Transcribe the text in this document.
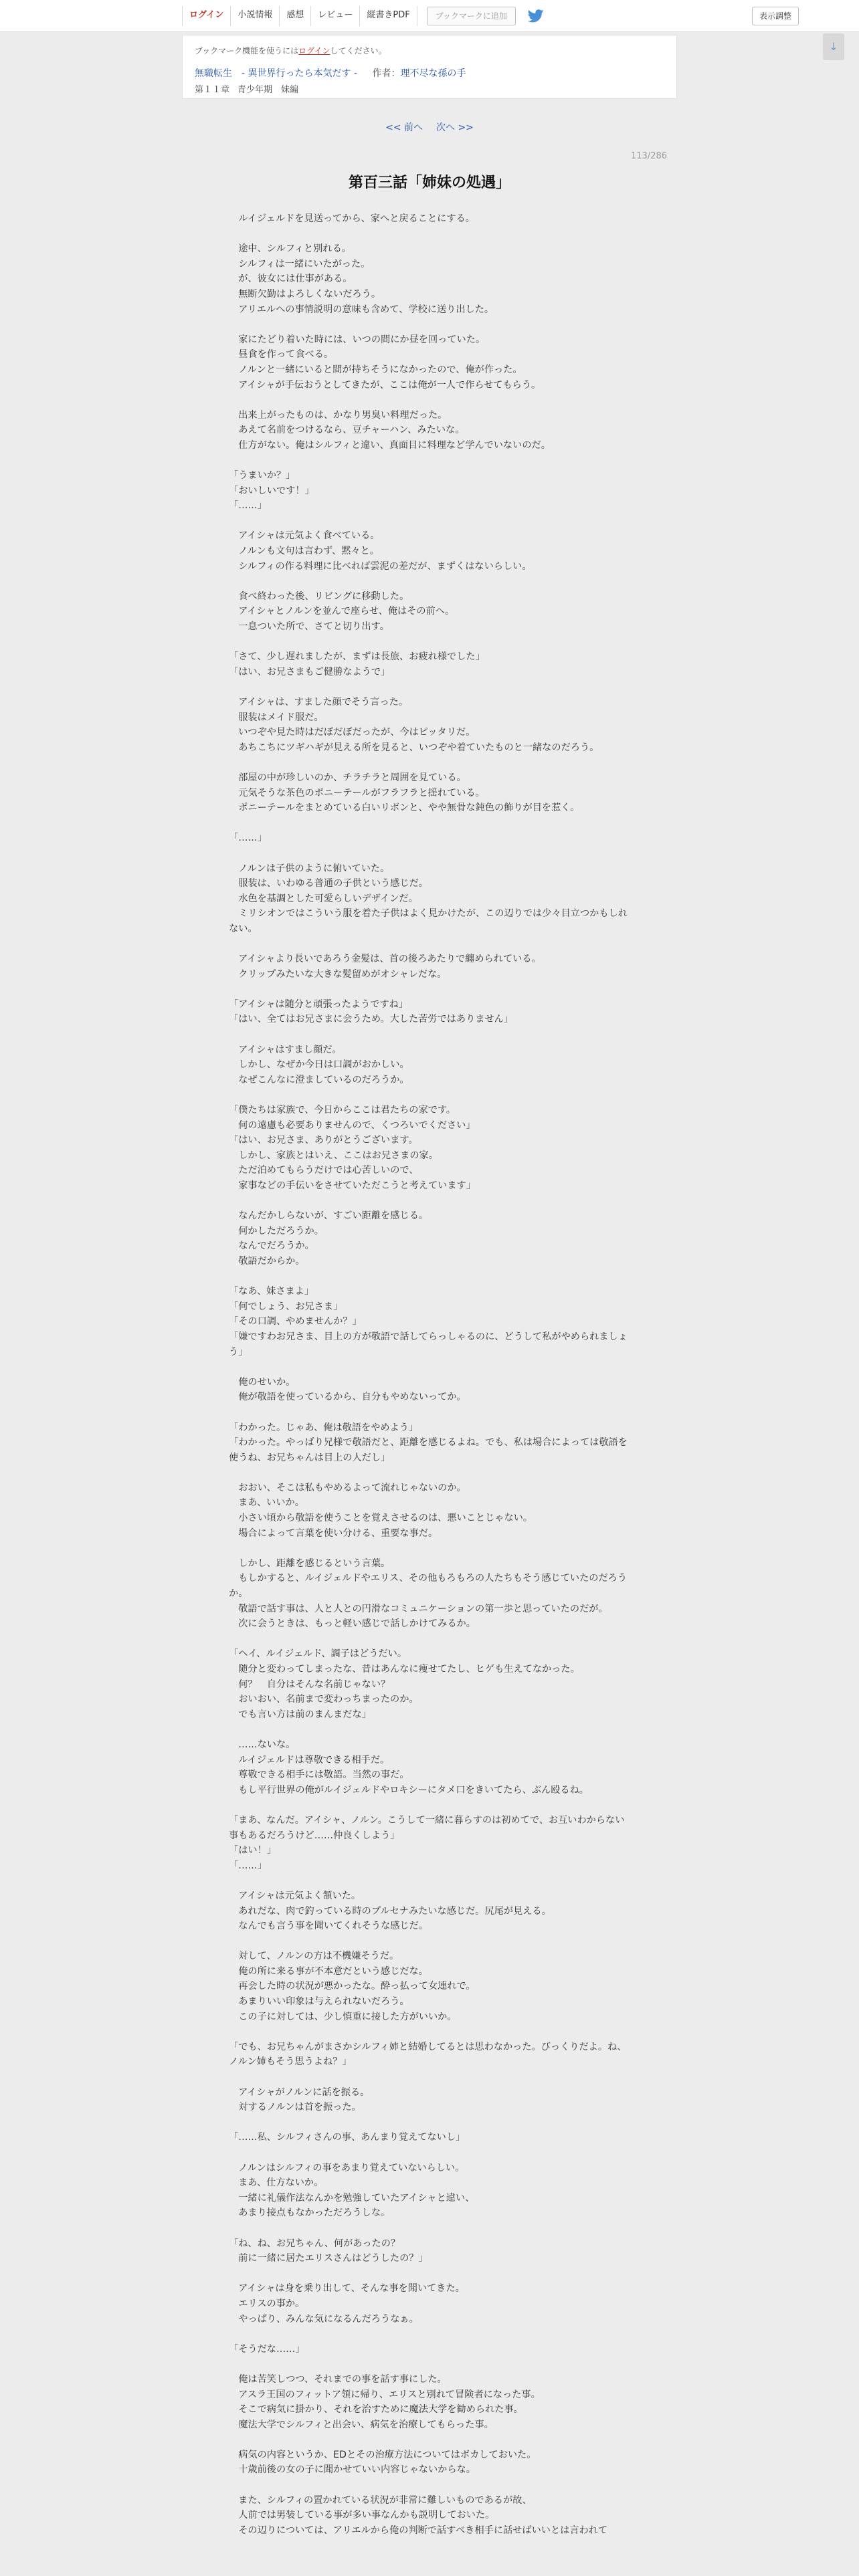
ログイン	小説情報	感想	レビュー	縦書きPDF	ブックマークに追加	表示調整
ブックマーク機能を使うにはログインしてください。
無職転生　- 異世界行ったら本気だす - 作者：理不尽な孫の手
第１１章 青少年期　妹編
↓
<< 前へ 次へ >>
113/286
第百三話「姉妹の処遇」

　ルイジェルドを見送ってから、家へと戻ることにする。

　途中、シルフィと別れる。

　シルフィは一緒にいたがった。

　が、彼女には仕事がある。

　無断欠勤はよろしくないだろう。

　アリエルへの事情説明の意味も含めて、学校に送り出した。

　家にたどり着いた時には、いつの間にか昼を回っていた。

　昼食を作って食べる。

　ノルンと一緒にいると間が持ちそうになかったので、俺が作った。

　アイシャが手伝おうとしてきたが、ここは俺が一人で作らせてもらう。

　出来上がったものは、かなり男臭い料理だった。

　あえて名前をつけるなら、豆チャーハン、みたいな。

　仕方がない。俺はシルフィと違い、真面目に料理など学んでいないのだ。

「うまいか？」

「おいしいです！」

「……」

　アイシャは元気よく食べている。

　ノルンも文句は言わず、黙々と。

　シルフィの作る料理に比べれば雲泥の差だが、まずくはないらしい。

　食べ終わった後、リビングに移動した。

　アイシャとノルンを並んで座らせ、俺はその前へ。

　一息ついた所で、さてと切り出す。

「さて、少し遅れましたが、まずは長旅、お疲れ様でした」

「はい、お兄さまもご健勝なようで」

　アイシャは、すました顔でそう言った。

　服装はメイド服だ。

　いつぞや見た時はだぼだぼだったが、今はピッタリだ。

　あちこちにツギハギが見える所を見ると、いつぞや着ていたものと一緒なのだろう。

　部屋の中が珍しいのか、チラチラと周囲を見ている。

　元気そうな茶色のポニーテールがフラフラと揺れている。

　ポニーテールをまとめている白いリボンと、やや無骨な鈍色の飾りが目を惹く。

「……」

　ノルンは子供のように俯いていた。

　服装は、いわゆる普通の子供という感じだ。

　水色を基調とした可愛らしいデザインだ。

　ミリシオンではこういう服を着た子供はよく見かけたが、この辺りでは少々目立つかもしれない。

　アイシャより長いであろう金髪は、首の後ろあたりで纏められている。

　クリップみたいな大きな髪留めがオシャレだな。

「アイシャは随分と頑張ったようですね」

「はい、全てはお兄さまに会うため。大した苦労ではありません」

　アイシャはすまし顔だ。

　しかし、なぜか今日は口調がおかしい。

　なぜこんなに澄ましているのだろうか。

「僕たちは家族で、今日からここは君たちの家です。

　何の遠慮も必要ありませんので、くつろいでください」

「はい、お兄さま、ありがとうございます。

　しかし、家族とはいえ、ここはお兄さまの家。

　ただ泊めてもらうだけでは心苦しいので、

　家事などの手伝いをさせていただこうと考えています」

　なんだかしらないが、すごい距離を感じる。

　何かしただろうか。

　なんでだろうか。

　敬語だからか。

「なあ、妹さまよ」

「何でしょう、お兄さま」

「その口調、やめませんか？」

「嫌ですわお兄さま、目上の方が敬語で話してらっしゃるのに、どうして私がやめられましょう」

　俺のせいか。

　俺が敬語を使っているから、自分もやめないってか。

「わかった。じゃあ、俺は敬語をやめよう」

「わかった。やっぱり兄様で敬語だと、距離を感じるよね。でも、私は場合によっては敬語を使うね、お兄ちゃんは目上の人だし」

　おおい、そこは私もやめるよって流れじゃないのか。

　まあ、いいか。

　小さい頃から敬語を使うことを覚えさせるのは、悪いことじゃない。

　場合によって言葉を使い分ける、重要な事だ。

　しかし、距離を感じるという言葉。

　もしかすると、ルイジェルドやエリス、その他もろもろの人たちもそう感じていたのだろうか。

　敬語で話す事は、人と人との円滑なコミュニケーションの第一歩と思っていたのだが。

　次に会うときは、もっと軽い感じで話しかけてみるか。

「ヘイ、ルイジェルド、調子はどうだい。

　随分と変わってしまったな、昔はあんなに痩せてたし、ヒゲも生えてなかった。

　何？　自分はそんな名前じゃない？

　おいおい、名前まで変わっちまったのか。

　でも言い方は前のまんまだな」

　……ないな。

　ルイジェルドは尊敬できる相手だ。

　尊敬できる相手には敬語。当然の事だ。

　もし平行世界の俺がルイジェルドやロキシーにタメ口をきいてたら、ぶん殴るね。

「まあ、なんだ。アイシャ、ノルン。こうして一緒に暮らすのは初めてで、お互いわからない事もあるだろうけど……仲良くしよう」

「はい！」

「……」

　アイシャは元気よく頷いた。

　あれだな、肉で釣っている時のプルセナみたいな感じだ。尻尾が見える。

　なんでも言う事を聞いてくれそうな感じだ。

　対して、ノルンの方は不機嫌そうだ。

　俺の所に来る事が不本意だという感じだな。

　再会した時の状況が悪かったな。酔っ払って女連れで。

　あまりいい印象は与えられないだろう。

　この子に対しては、少し慎重に接した方がいいか。

「でも、お兄ちゃんがまさかシルフィ姉と結婚してるとは思わなかった。びっくりだよ。ね、ノルン姉もそう思うよね？」

　アイシャがノルンに話を振る。

　対するノルンは首を振った。

「……私、シルフィさんの事、あんまり覚えてないし」

　ノルンはシルフィの事をあまり覚えていないらしい。

　まあ、仕方ないか。

　一緒に礼儀作法なんかを勉強していたアイシャと違い、

　あまり接点もなかっただろうしな。

「ね、ね、お兄ちゃん、何があったの？

　前に一緒に居たエリスさんはどうしたの？」

　アイシャは身を乗り出して、そんな事を聞いてきた。

　エリスの事か。

　やっぱり、みんな気になるんだろうなぁ。

「そうだな……」

　俺は苦笑しつつ、それまでの事を話す事にした。

　アスラ王国のフィットア領に帰り、エリスと別れて冒険者になった事。

　そこで病気に掛かり、それを治すために魔法大学を勧められた事。

　魔法大学でシルフィと出会い、病気を治療してもらった事。

　病気の内容というか、EDとその治療方法についてはボカしておいた。

　十歳前後の女の子に聞かせていい内容じゃないからな。

　また、シルフィの置かれている状況が非常に難しいものであるが故、

　人前では男装している事が多い事なんかも説明しておいた。

　その辺りについては、アリエルから俺の判断で話すべき相手に話せばいいとは言われて
